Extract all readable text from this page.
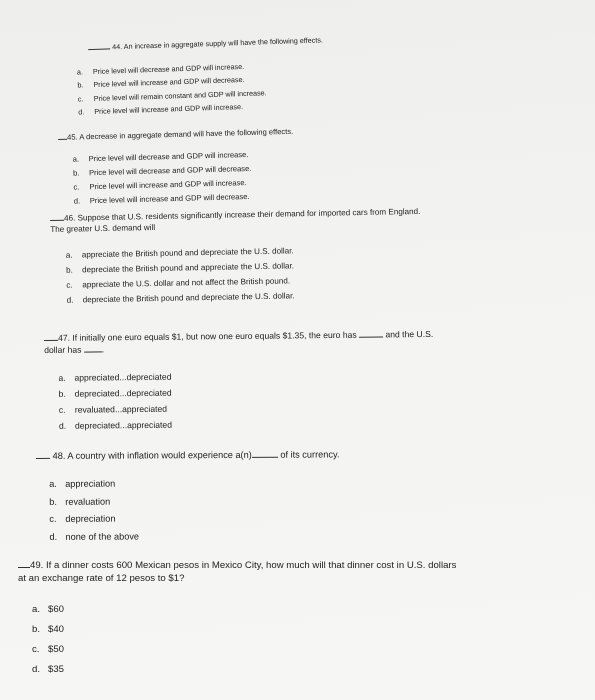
44. An increase in aggregate supply will have the following effects.

a. Price level will decrease and GDP will increase.
b. Price level will increase and GDP will decrease.
c. Price level will remain constant and GDP will increase.
d. Price level will increase and GDP will increase.

45. A decrease in aggregate demand will have the following effects.

a. Price level will decrease and GDP will increase.
b. Price level will decrease and GDP will decrease.
c. Price level will increase and GDP will increase.
d. Price level will increase and GDP will decrease.

46. Suppose that U.S. residents significantly increase their demand for imported cars from England.
The greater U.S. demand will

a. appreciate the British pound and depreciate the U.S. dollar.
b. depreciate the British pound and appreciate the U.S. dollar.
c. appreciate the U.S. dollar and not affect the British pound.
d. depreciate the British pound and depreciate the U.S. dollar.

47. If initially one euro equals $1, but now one euro equals $1.35, the euro has	and the U.S.
dollar has .

a. appreciated...depreciated
b. depreciated...depreciated
c. revaluated...appreciated
d. depreciated...appreciated

48. A country with inflation would experience a(n)	of its currency.

a. appreciation
b. revaluation
c. depreciation
d. none of the above

49. If a dinner costs 600 Mexican pesos in Mexico City, how much will that dinner cost in U.S. dollars
at an exchange rate of 12 pesos to $1?

a. $60
b. $40
c. $50
d. $35
